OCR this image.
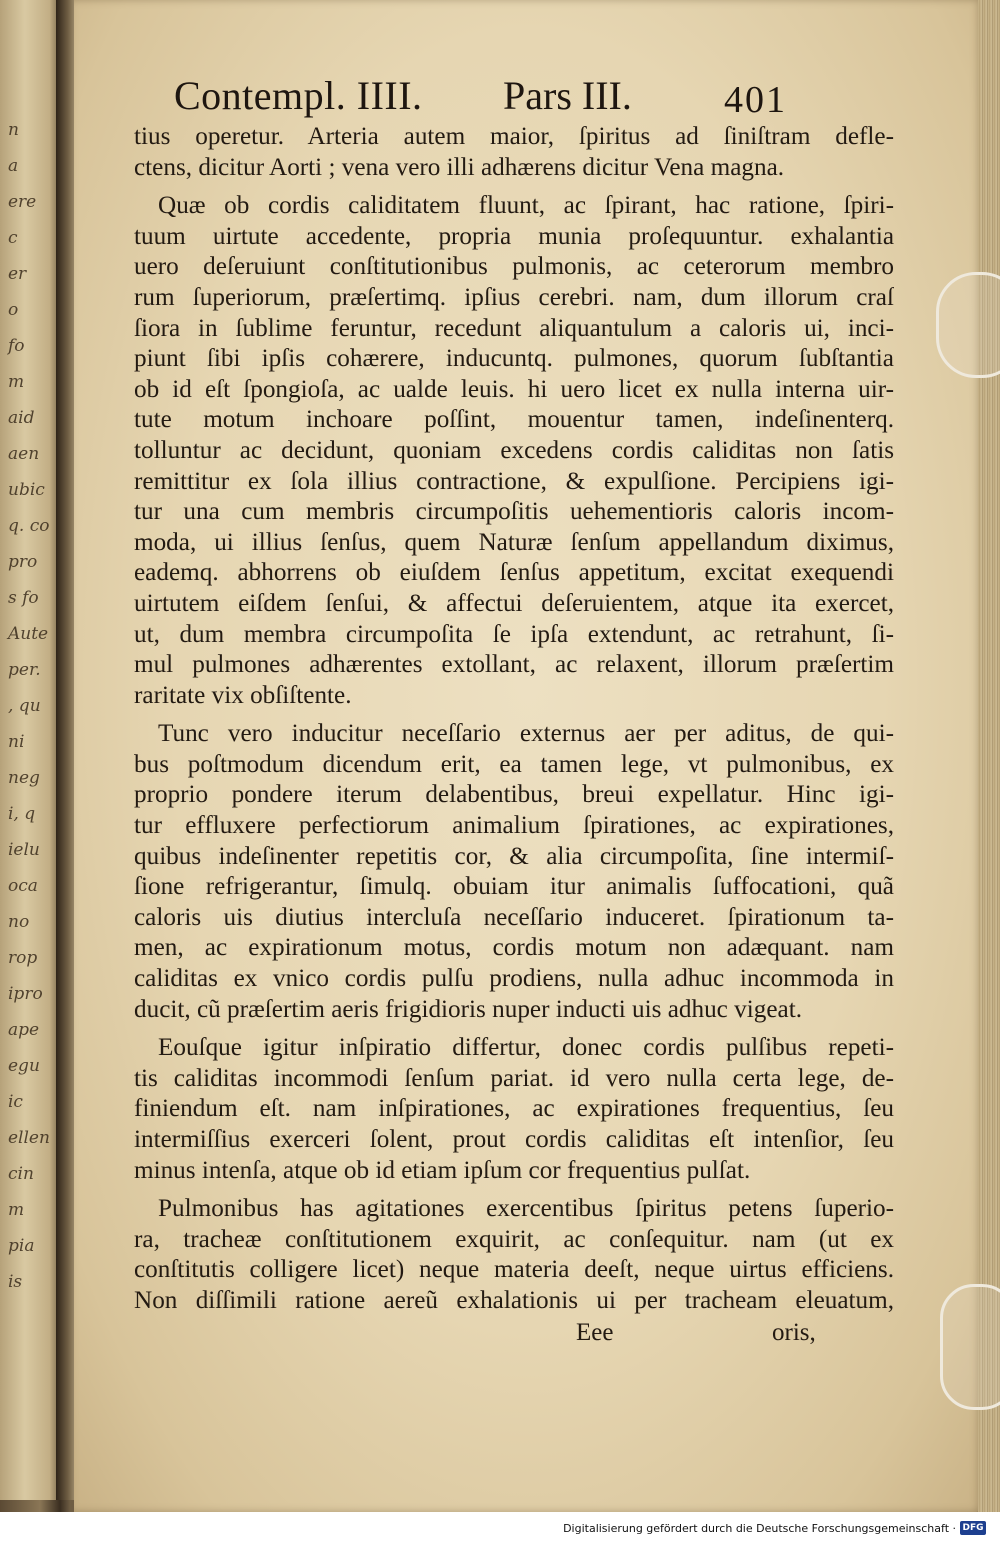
n
a
ere
c
er
o
fo
m
aid
aen
ubic
q. co
pro
s fo
Aute
per.
, qu
ni
neg
i, q
ielu
oca
no
rop
ipro
ape
egu
ic
ellen
cin
m
pia
is
Contempl. IIII. Pars III. 401
tius operetur. Arteria autem maior, ſpiritus ad ſiniſtram defle-
ctens, dicitur Aorti ; vena vero illi adhærens dicitur Vena magna.
Quæ ob cordis caliditatem fluunt, ac ſpirant, hac ratione, ſpiri-
tuum uirtute accedente, propria munia proſequuntur. exhalantia
uero deſeruiunt conſtitutionibus pulmonis, ac ceterorum membro
rum ſuperiorum, præſertimq. ipſius cerebri. nam, dum illorum craſ
ſiora in ſublime feruntur, recedunt aliquantulum a caloris ui, inci-
piunt ſibi ipſis cohærere, inducuntq. pulmones, quorum ſubſtantia
ob id eſt ſpongioſa, ac ualde leuis. hi uero licet ex nulla interna uir-
tute motum inchoare poſſint, mouentur tamen, indeſinenterq.
tolluntur ac decidunt, quoniam excedens cordis caliditas non ſatis
remittitur ex ſola illius contractione, & expulſione. Percipiens igi-
tur una cum membris circumpoſitis uehementioris caloris incom-
moda, ui illius ſenſus, quem Naturæ ſenſum appellandum diximus,
eademq. abhorrens ob eiuſdem ſenſus appetitum, excitat exequendi
uirtutem eiſdem ſenſui, & affectui deſeruientem, atque ita exercet,
ut, dum membra circumpoſita ſe ipſa extendunt, ac retrahunt, ſi-
mul pulmones adhærentes extollant, ac relaxent, illorum præſertim
raritate vix obſiſtente.
Tunc vero inducitur neceſſario externus aer per aditus, de qui-
bus poſtmodum dicendum erit, ea tamen lege, vt pulmonibus, ex
proprio pondere iterum delabentibus, breui expellatur. Hinc igi-
tur effluxere perfectiorum animalium ſpirationes, ac expirationes,
quibus indeſinenter repetitis cor, & alia circumpoſita, ſine intermiſ-
ſione refrigerantur, ſimulq. obuiam itur animalis ſuffocationi, quã
caloris uis diutius intercluſa neceſſario induceret. ſpirationum ta-
men, ac expirationum motus, cordis motum non adæquant. nam
caliditas ex vnico cordis pulſu prodiens, nulla adhuc incommoda in
ducit, cũ præſertim aeris frigidioris nuper inducti uis adhuc vigeat.
Eouſque igitur inſpiratio differtur, donec cordis pulſibus repeti-
tis caliditas incommodi ſenſum pariat. id vero nulla certa lege, de-
finiendum eſt. nam inſpirationes, ac expirationes frequentius, ſeu
intermiſſius exerceri ſolent, prout cordis caliditas eſt intenſior, ſeu
minus intenſa, atque ob id etiam ipſum cor frequentius pulſat.
Pulmonibus has agitationes exercentibus ſpiritus petens ſuperio-
ra, tracheæ conſtitutionem exquirit, ac conſequitur. nam (ut ex
conſtitutis colligere licet) neque materia deeſt, neque uirtus efficiens.
Non diſſimili ratione aereũ exhalationis ui per tracheam eleuatum,
Eee	oris,
Digitalisierung gefördert durch die Deutsche Forschungsgemeinschaft · DFG
